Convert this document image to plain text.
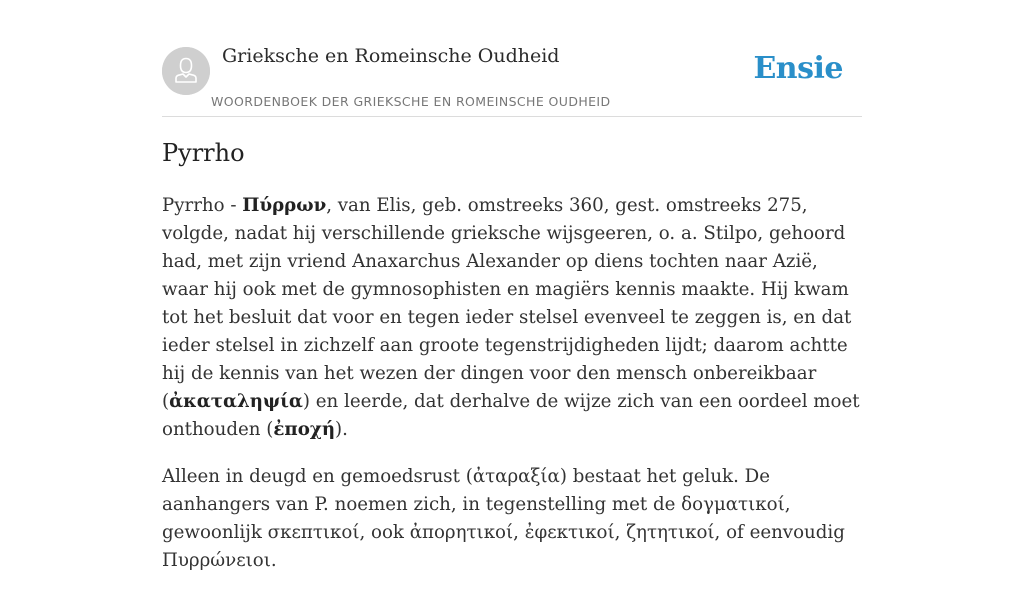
Grieksche en Romeinsche Oudheid
WOORDENBOEK DER GRIEKSCHE EN ROMEINSCHE OUDHEID
Ensie
Pyrrho

Pyrrho - Πύρρων, van Elis, geb. omstreeks 360, gest. omstreeks 275, volgde, nadat hij verschillende grieksche wijsgeeren, o. a. Stilpo, gehoord had, met zijn vriend Anaxarchus Alexander op diens tochten naar Azië, waar hij ook met de gymnosophisten en magiërs kennis maakte. Hij kwam tot het besluit dat voor en tegen ieder stelsel evenveel te zeggen is, en dat ieder stelsel in zichzelf aan groote tegenstrijdigheden lijdt; daarom achtte hij de kennis van het wezen der dingen voor den mensch onbereikbaar (ἀκαταληψία) en leerde, dat derhalve de wijze zich van een oordeel moet onthouden (ἐποχή).

Alleen in deugd en gemoedsrust (ἀταραξία) bestaat het geluk. De aanhangers van P. noemen zich, in tegenstelling met de δογματικοί, gewoonlijk σκεπτικοί, ook ἀπορητικοί, ἐφεκτικοί, ζητητικοί, of eenvoudig Πυρρώνειοι.
